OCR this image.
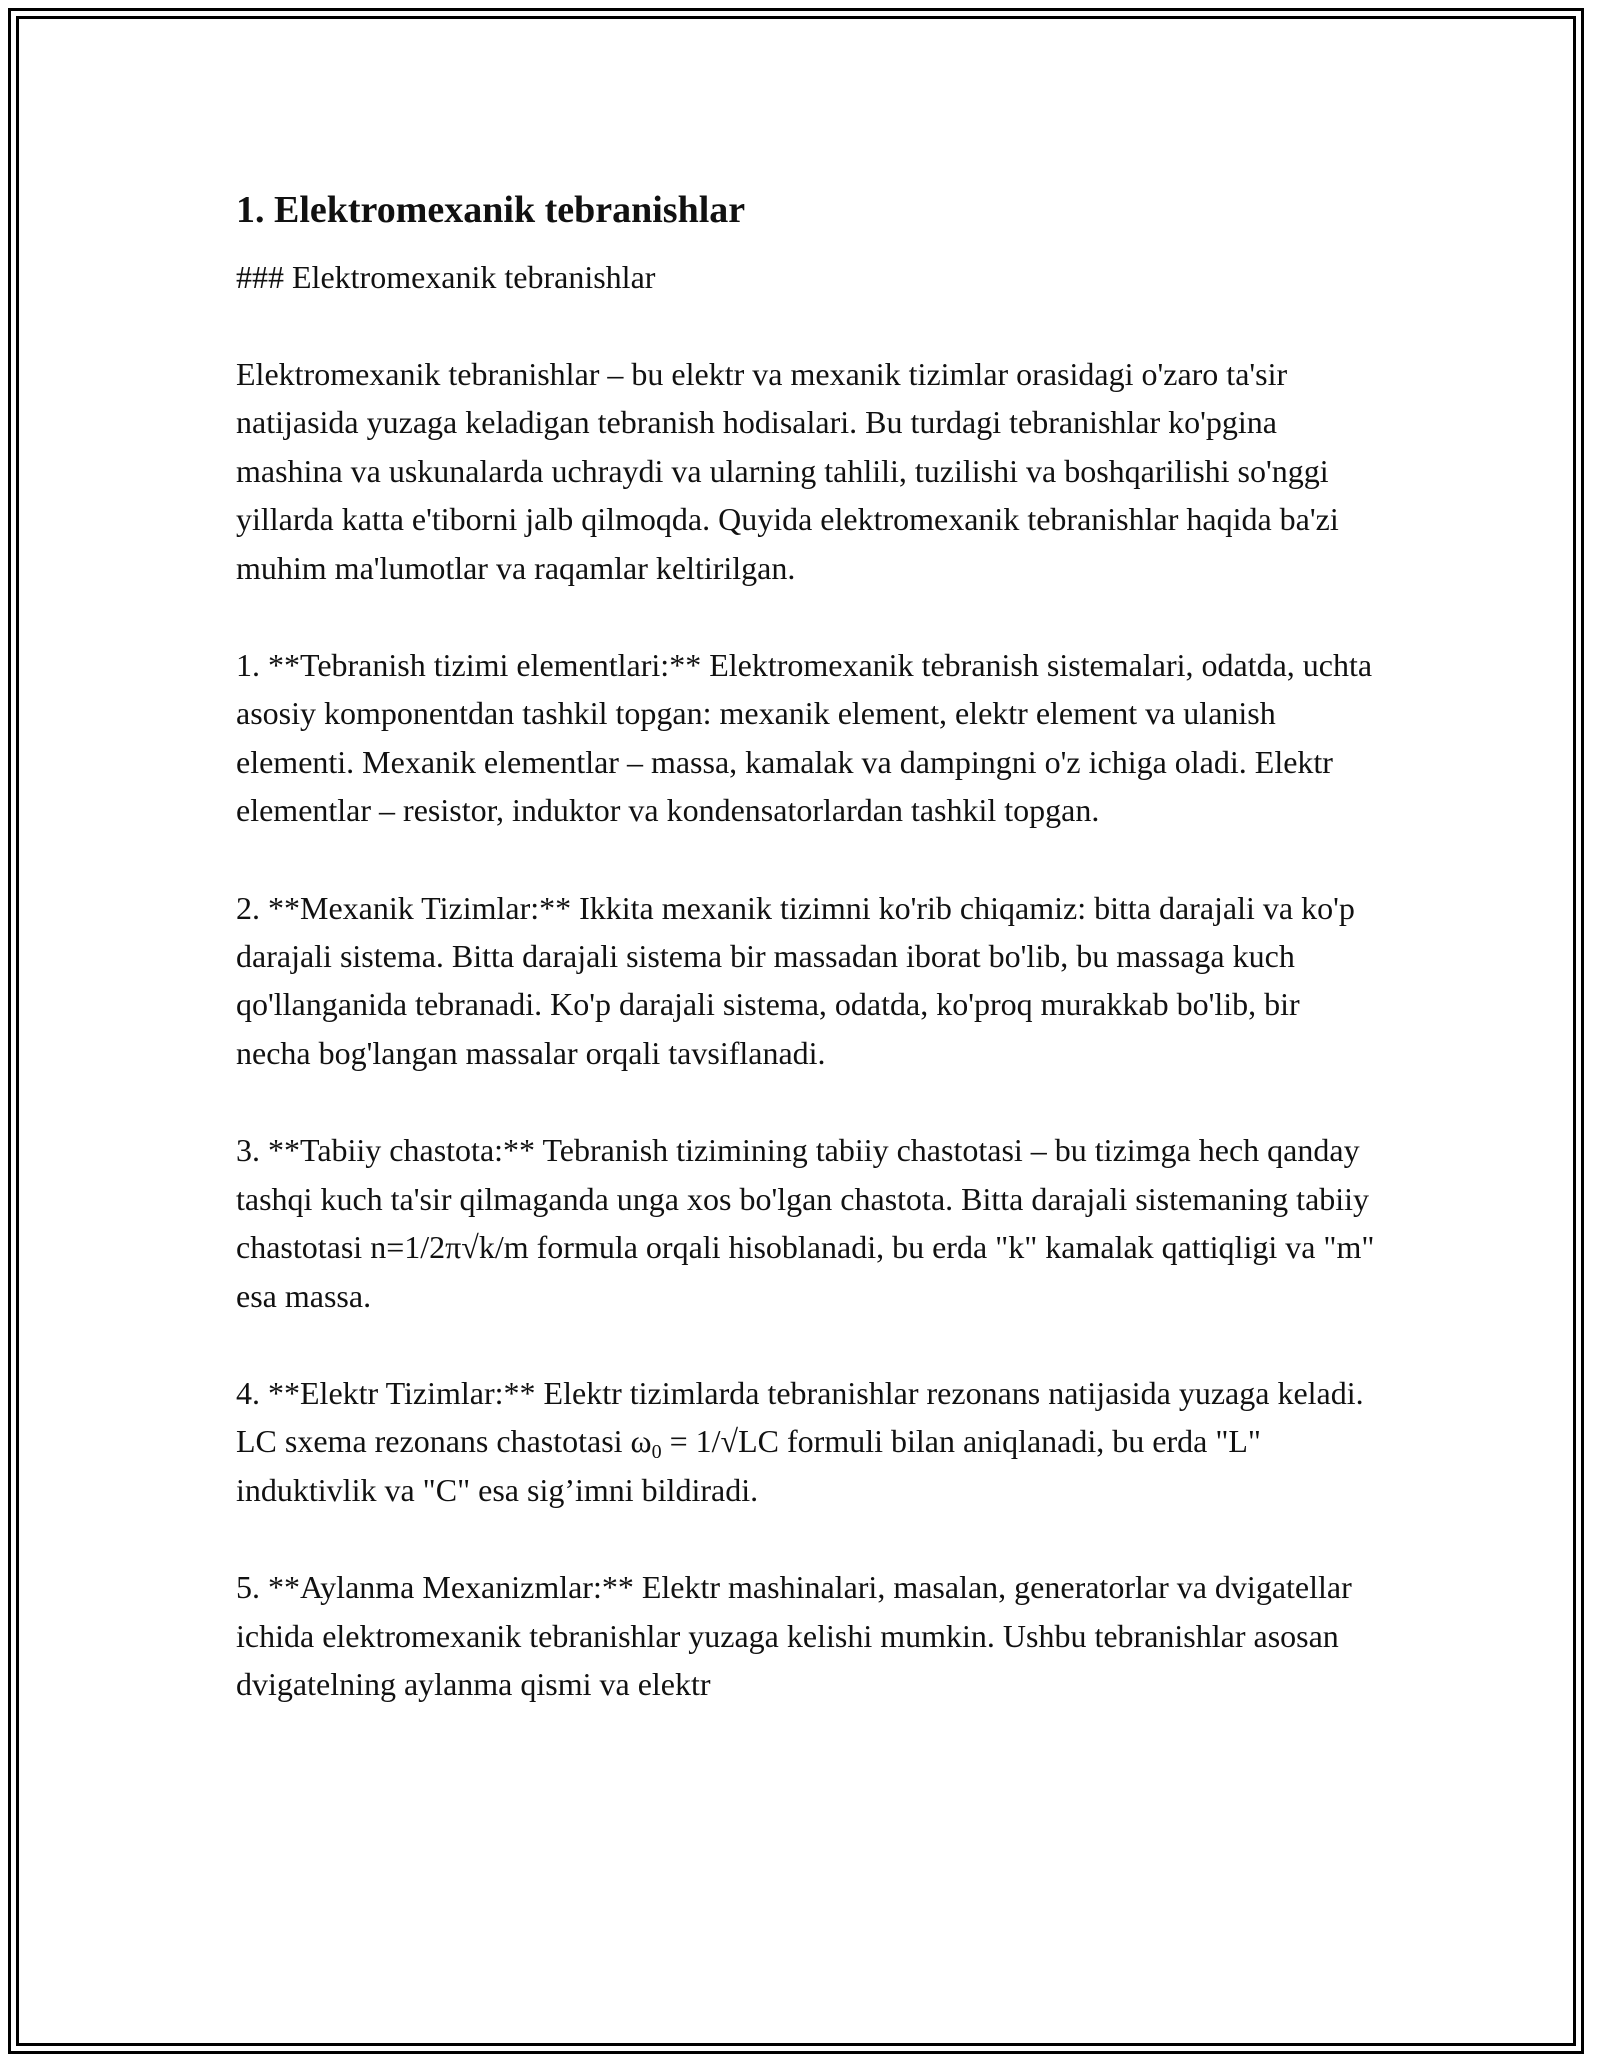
1. Elektromexanik tebranishlar

### Elektromexanik tebranishlar

Elektromexanik tebranishlar – bu elektr va mexanik tizimlar orasidagi o'zaro ta'sir natijasida yuzaga keladigan tebranish hodisalari. Bu turdagi tebranishlar ko'pgina mashina va uskunalarda uchraydi va ularning tahlili, tuzilishi va boshqarilishi so'nggi yillarda katta e'tiborni jalb qilmoqda. Quyida elektromexanik tebranishlar haqida ba'zi muhim ma'lumotlar va raqamlar keltirilgan.

1. **Tebranish tizimi elementlari:** Elektromexanik tebranish sistemalari, odatda, uchta asosiy komponentdan tashkil topgan: mexanik element, elektr element va ulanish elementi. Mexanik elementlar – massa, kamalak va dampingni o'z ichiga oladi. Elektr elementlar – resistor, induktor va kondensatorlardan tashkil topgan.

2. **Mexanik Tizimlar:** Ikkita mexanik tizimni ko'rib chiqamiz: bitta darajali va ko'p darajali sistema. Bitta darajali sistema bir massadan iborat bo'lib, bu massaga kuch qo'llanganida tebranadi. Ko'p darajali sistema, odatda, ko'proq murakkab bo'lib, bir necha bog'langan massalar orqali tavsiflanadi.

3. **Tabiiy chastota:** Tebranish tizimining tabiiy chastotasi – bu tizimga hech qanday tashqi kuch ta'sir qilmaganda unga xos bo'lgan chastota. Bitta darajali sistemaning tabiiy chastotasi n=1/2π√k/m formula orqali hisoblanadi, bu erda "k" kamalak qattiqligi va "m" esa massa.

4. **Elektr Tizimlar:** Elektr tizimlarda tebranishlar rezonans natijasida yuzaga keladi. LC sxema rezonans chastotasi $\omega_0 = 1/√LC$ formuli bilan aniqlanadi, bu erda "L" induktivlik va "C" esa sig’imni bildiradi.

5. **Aylanma Mexanizmlar:** Elektr mashinalari, masalan, generatorlar va dvigatellar ichida elektromexanik tebranishlar yuzaga kelishi mumkin. Ushbu tebranishlar asosan dvigatelning aylanma qismi va elektr
